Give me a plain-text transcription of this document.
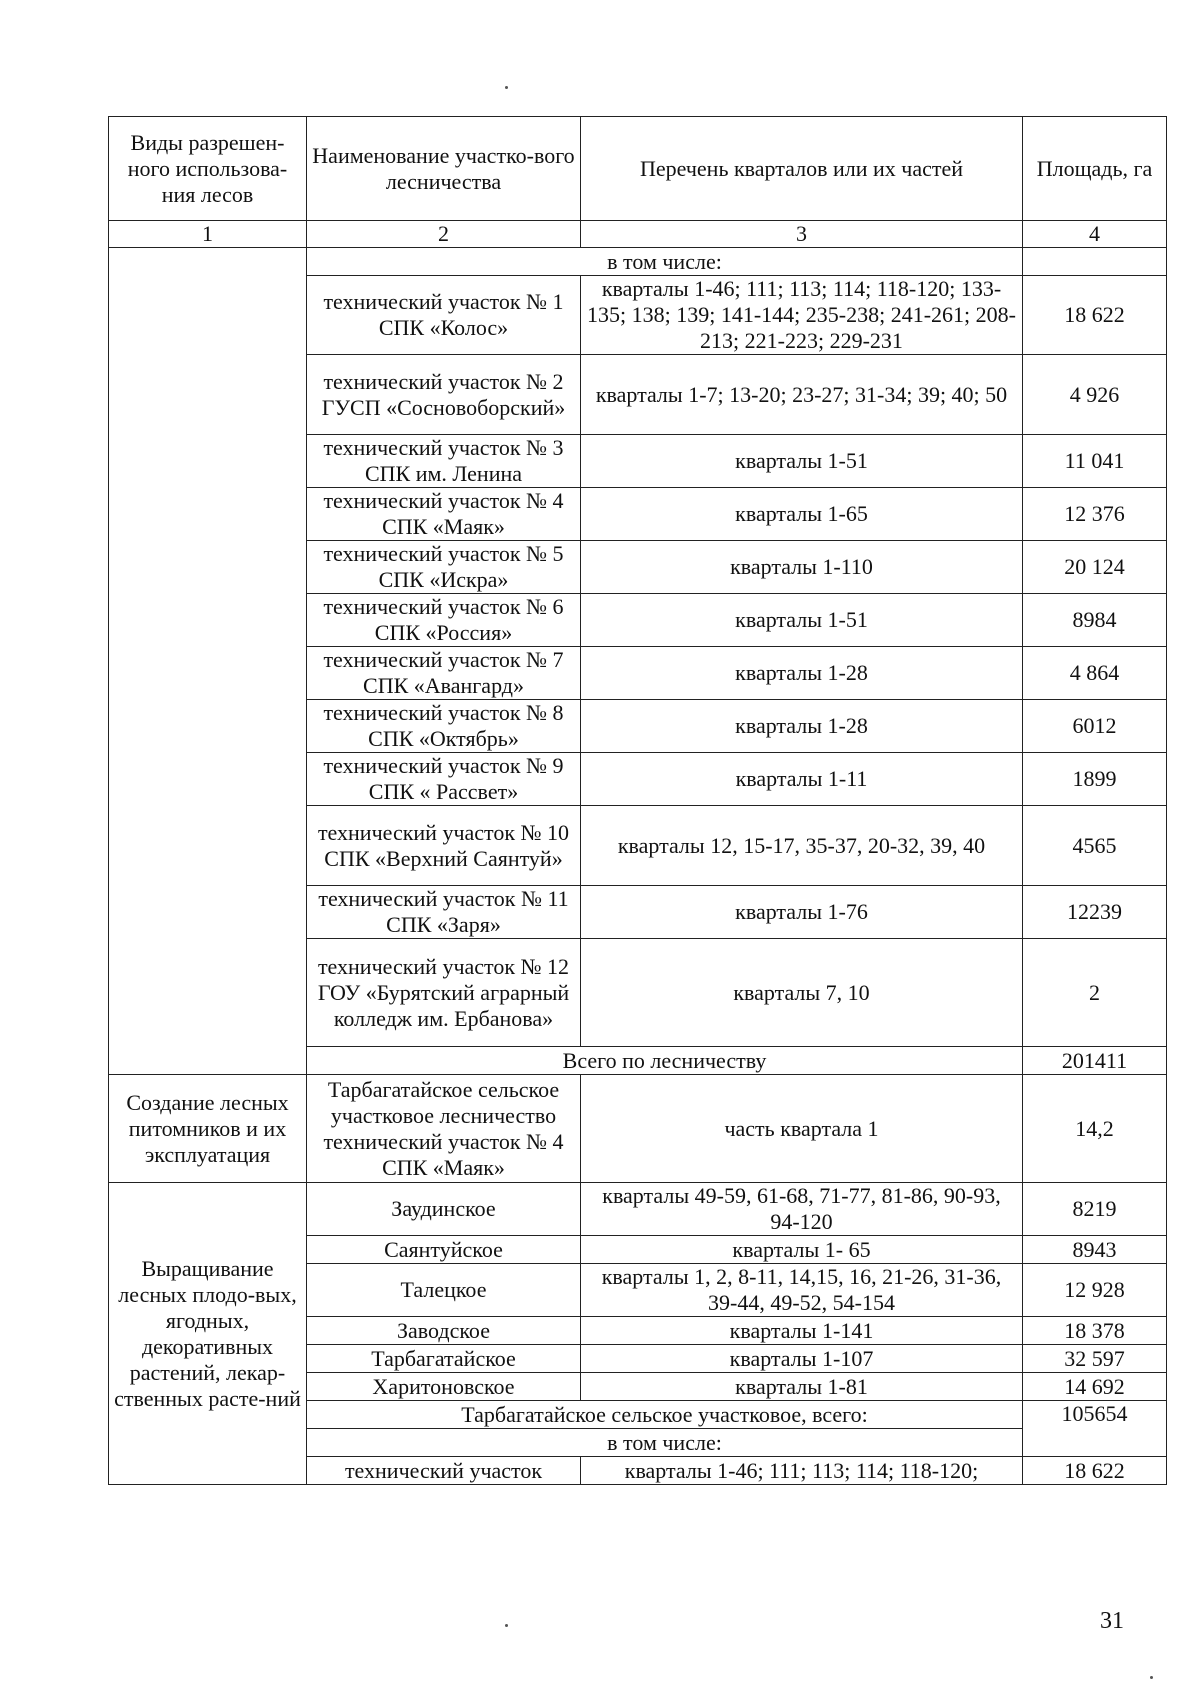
Виды разрешен-ного использова-ния лесов	Наименование участко-вого лесничества	Перечень кварталов или их частей	Площадь, га
1	2	3	4
	в том числе:		
	технический участок № 1 СПК «Колос»	кварталы 1-46; 111; 113; 114; 118-120; 133-135; 138; 139; 141-144; 235-238; 241-261; 208-213; 221-223; 229-231	18 622
	технический участок № 2 ГУСП «Сосновоборский»	кварталы 1-7; 13-20; 23-27; 31-34; 39; 40; 50	4 926
	технический участок № 3 СПК им. Ленина	кварталы 1-51	11 041
	технический участок № 4 СПК «Маяк»	кварталы 1-65	12 376
	технический участок № 5 СПК «Искра»	кварталы 1-110	20 124
	технический участок № 6 СПК «Россия»	кварталы 1-51	8984
	технический участок № 7 СПК «Авангард»	кварталы 1-28	4 864
	технический участок № 8 СПК «Октябрь»	кварталы 1-28	6012
	технический участок № 9 СПК « Рассвет»	кварталы 1-11	1899
	технический участок № 10 СПК «Верхний Саянтуй»	кварталы 12, 15-17, 35-37, 20-32, 39, 40	4565
	технический участок № 11 СПК «Заря»	кварталы 1-76	12239
	технический участок № 12 ГОУ «Бурятский аграрный колледж им. Ербанова»	кварталы 7, 10	2
	Всего по лесничеству		201411
Создание лесных питомников и их эксплуатация	Тарбагатайское сельское участковое лесничество технический участок № 4 СПК «Маяк»	часть квартала 1	14,2
Выращивание лесных плодо-вых, ягодных, декоративных растений, лекар-ственных расте-ний	Заудинское	кварталы 49-59, 61-68, 71-77, 81-86, 90-93, 94-120	8219
	Саянтуйское	кварталы 1- 65	8943
	Талецкое	кварталы 1, 2, 8-11, 14,15, 16, 21-26, 31-36, 39-44, 49-52, 54-154	12 928
	Заводское	кварталы 1-141	18 378
	Тарбагатайское	кварталы 1-107	32 597
	Харитоновское	кварталы 1-81	14 692
	Тарбагатайское сельское участковое, всего:		105654
	в том числе:		
	технический участок	кварталы 1-46; 111; 113; 114; 118-120;	18 622
31
